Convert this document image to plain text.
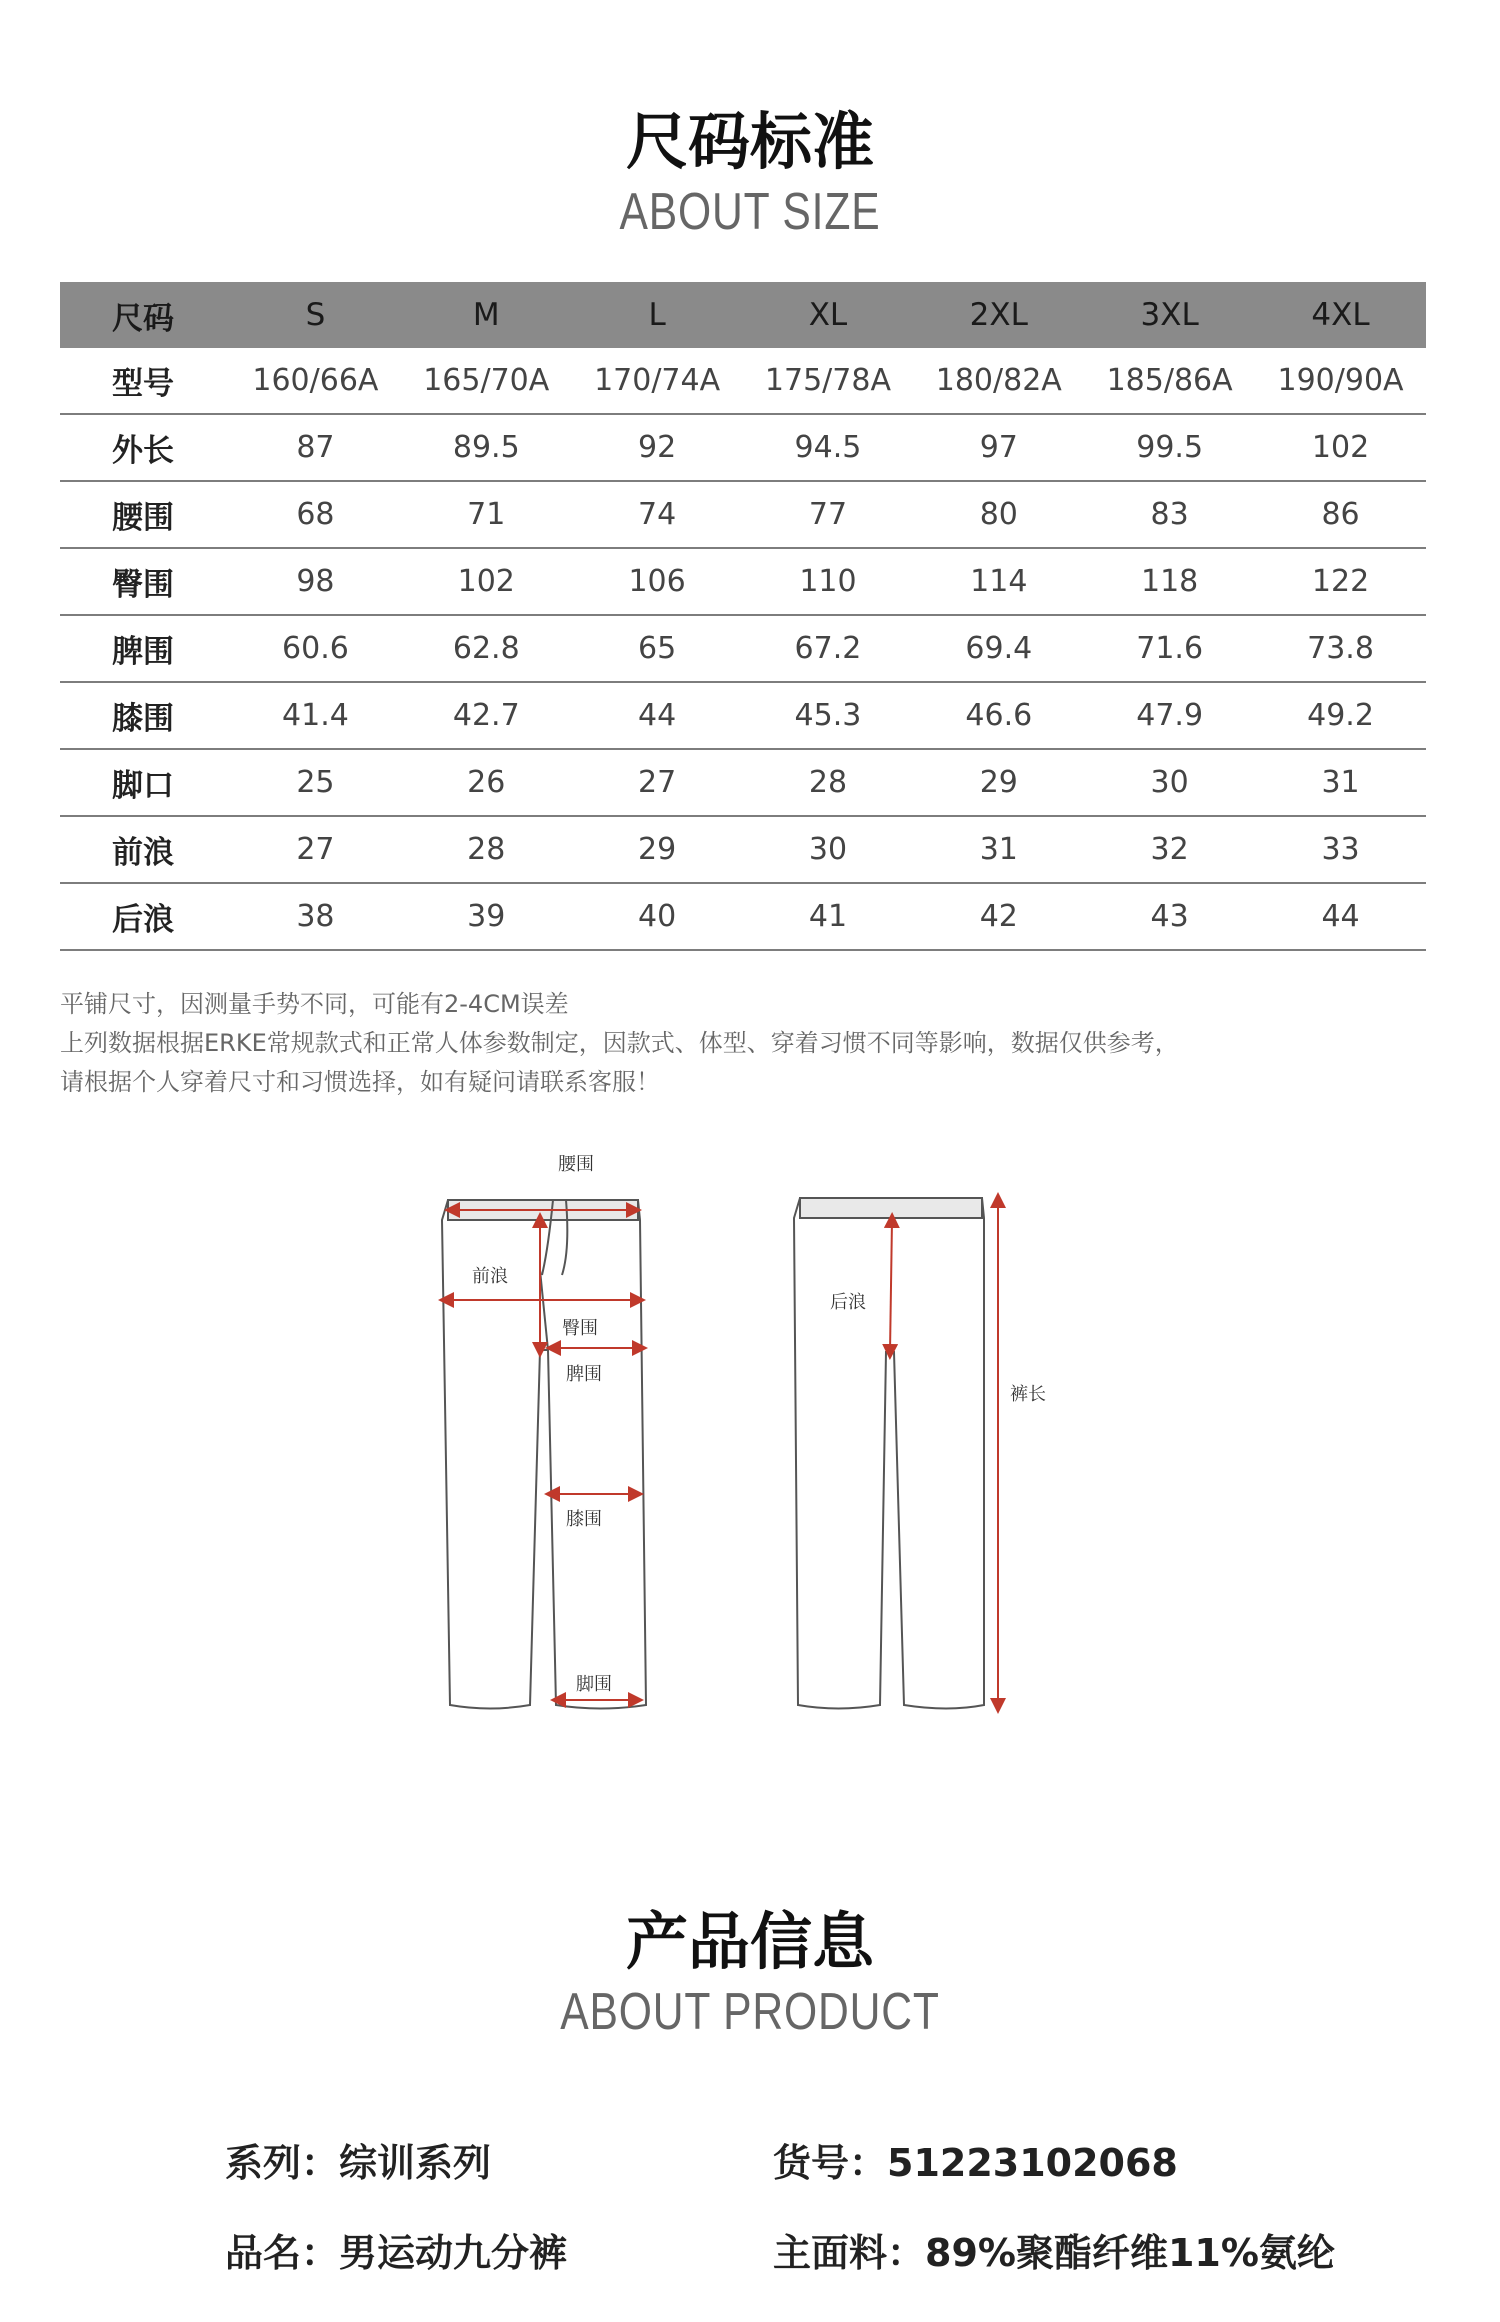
尺码标准
ABOUT SIZE
尺码	S	M	L	XL	2XL	3XL	4XL
型号	160/66A	165/70A	170/74A	175/78A	180/82A	185/86A	190/90A
外长	87	89.5	92	94.5	97	99.5	102
腰围	68	71	74	77	80	83	86
臀围	98	102	106	110	114	118	122
脾围	60.6	62.8	65	67.2	69.4	71.6	73.8
膝围	41.4	42.7	44	45.3	46.6	47.9	49.2
脚口	25	26	27	28	29	30	31
前浪	27	28	29	30	31	32	33
后浪	38	39	40	41	42	43	44
平铺尺寸，因测量手势不同，可能有2-4CM误差
上列数据根据ERKE常规款式和正常人体参数制定，因款式、体型、穿着习惯不同等影响，数据仅供参考，
请根据个人穿着尺寸和习惯选择，如有疑问请联系客服！
腰围
前浪
臀围
脾围
膝围
脚围
后浪
裤长
产品信息
ABOUT PRODUCT
系列：综训系列	货号：51223102068
品名：男运动九分裤	主面料：89%聚酯纤维11%氨纶
